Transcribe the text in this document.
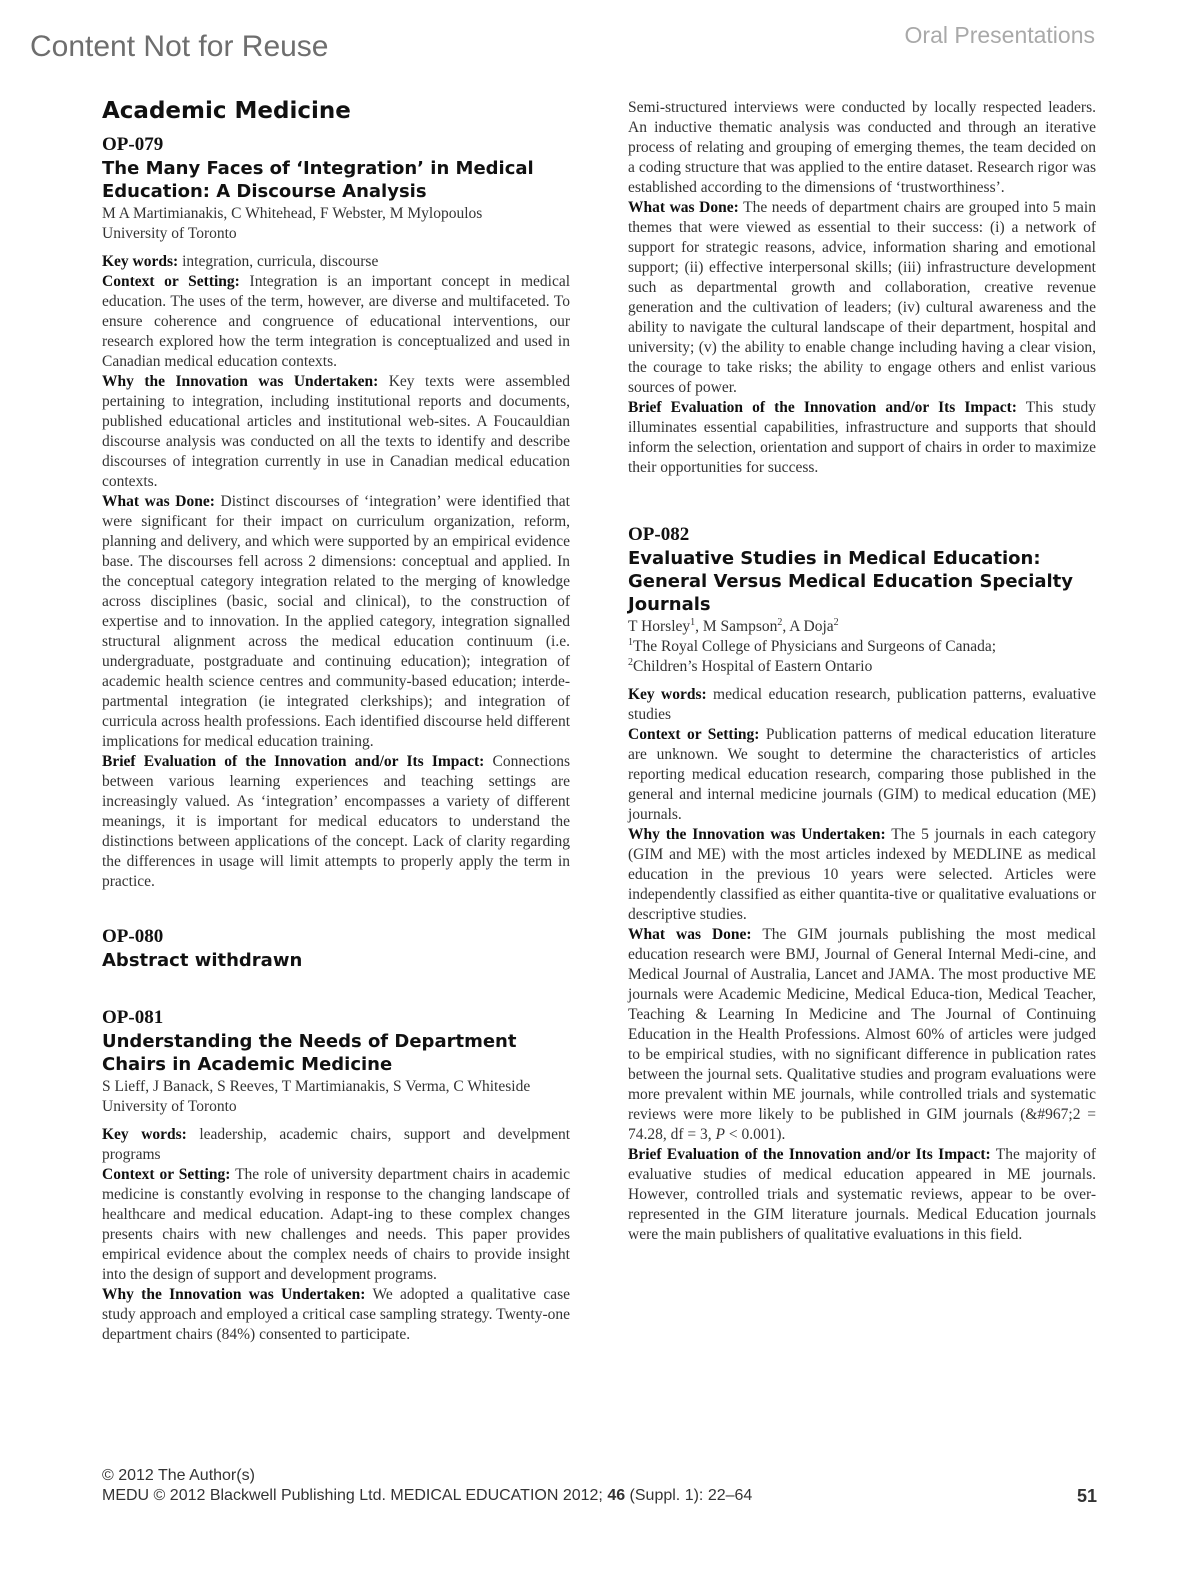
Content Not for Reuse	Oral Presentations
Academic Medicine
OP-079
The Many Faces of ‘Integration’ in Medical Education: A Discourse Analysis
M A Martimianakis, C Whitehead, F Webster, M Mylopoulos
University of Toronto

Key words: integration, curricula, discourse

Context or Setting: Integration is an important concept in medical education. The uses of the term, however, are diverse and multifaceted. To ensure coherence and congruence of educational interventions, our research explored how the term integration is conceptualized and used in Canadian medical education contexts.

Why the Innovation was Undertaken: Key texts were assembled pertaining to integration, including institutional reports and documents, published educational articles and institutional web-sites. A Foucauldian discourse analysis was conducted on all the texts to identify and describe discourses of integration currently in use in Canadian medical education contexts.

What was Done: Distinct discourses of ‘integration’ were identified that were significant for their impact on curriculum organization, reform, planning and delivery, and which were supported by an empirical evidence base. The discourses fell across 2 dimensions: conceptual and applied. In the conceptual category integration related to the merging of knowledge across disciplines (basic, social and clinical), to the construction of expertise and to innovation. In the applied category, integration signalled structural alignment across the medical education continuum (i.e. undergraduate, postgraduate and continuing education); integration of academic health science centres and community-based education; interde-partmental integration (ie integrated clerkships); and integration of curricula across health professions. Each identified discourse held different implications for medical education training.

Brief Evaluation of the Innovation and/or Its Impact: Connections between various learning experiences and teaching settings are increasingly valued. As ‘integration’ encompasses a variety of different meanings, it is important for medical educators to understand the distinctions between applications of the concept. Lack of clarity regarding the differences in usage will limit attempts to properly apply the term in practice.

OP-080
Abstract withdrawn
OP-081
Understanding the Needs of Department Chairs in Academic Medicine
S Lieff, J Banack, S Reeves, T Martimianakis, S Verma, C Whiteside
University of Toronto

Key words: leadership, academic chairs, support and develpment programs

Context or Setting: The role of university department chairs in academic medicine is constantly evolving in response to the changing landscape of healthcare and medical education. Adapt-ing to these complex changes presents chairs with new challenges and needs. This paper provides empirical evidence about the complex needs of chairs to provide insight into the design of support and development programs.

Why the Innovation was Undertaken: We adopted a qualitative case study approach and employed a critical case sampling strategy. Twenty-one department chairs (84%) consented to participate.

Semi-structured interviews were conducted by locally respected leaders. An inductive thematic analysis was conducted and through an iterative process of relating and grouping of emerging themes, the team decided on a coding structure that was applied to the entire dataset. Research rigor was established according to the dimensions of ‘trustworthiness’.

What was Done: The needs of department chairs are grouped into 5 main themes that were viewed as essential to their success: (i) a network of support for strategic reasons, advice, information sharing and emotional support; (ii) effective interpersonal skills; (iii) infrastructure development such as departmental growth and collaboration, creative revenue generation and the cultivation of leaders; (iv) cultural awareness and the ability to navigate the cultural landscape of their department, hospital and university; (v) the ability to enable change including having a clear vision, the courage to take risks; the ability to engage others and enlist various sources of power.

Brief Evaluation of the Innovation and/or Its Impact: This study illuminates essential capabilities, infrastructure and supports that should inform the selection, orientation and support of chairs in order to maximize their opportunities for success.

OP-082
Evaluative Studies in Medical Education: General Versus Medical Education Specialty Journals
T Horsley$^1$, M Sampson$^2$, A Doja$^2$
$^1$The Royal College of Physicians and Surgeons of Canada;
$^2$Children’s Hospital of Eastern Ontario

Key words: medical education research, publication patterns, evaluative studies

Context or Setting: Publication patterns of medical education literature are unknown. We sought to determine the characteristics of articles reporting medical education research, comparing those published in the general and internal medicine journals (GIM) to medical education (ME) journals.

Why the Innovation was Undertaken: The 5 journals in each category (GIM and ME) with the most articles indexed by MEDLINE as medical education in the previous 10 years were selected. Articles were independently classified as either quantita-tive or qualitative evaluations or descriptive studies.

What was Done: The GIM journals publishing the most medical education research were BMJ, Journal of General Internal Medi-cine, and Medical Journal of Australia, Lancet and JAMA. The most productive ME journals were Academic Medicine, Medical Educa-tion, Medical Teacher, Teaching & Learning In Medicine and The Journal of Continuing Education in the Health Professions. Almost 60% of articles were judged to be empirical studies, with no significant difference in publication rates between the journal sets. Qualitative studies and program evaluations were more prevalent within ME journals, while controlled trials and systematic reviews were more likely to be published in GIM journals (&#967;2 = 74.28, df = 3, P < 0.001).

Brief Evaluation of the Innovation and/or Its Impact: The majority of evaluative studies of medical education appeared in ME journals. However, controlled trials and systematic reviews, appear to be over-represented in the GIM literature journals. Medical Education journals were the main publishers of qualitative evaluations in this field.

© 2012 The Author(s)
MEDU © 2012 Blackwell Publishing Ltd. MEDICAL EDUCATION 2012; 46 (Suppl. 1): 22–64	51
